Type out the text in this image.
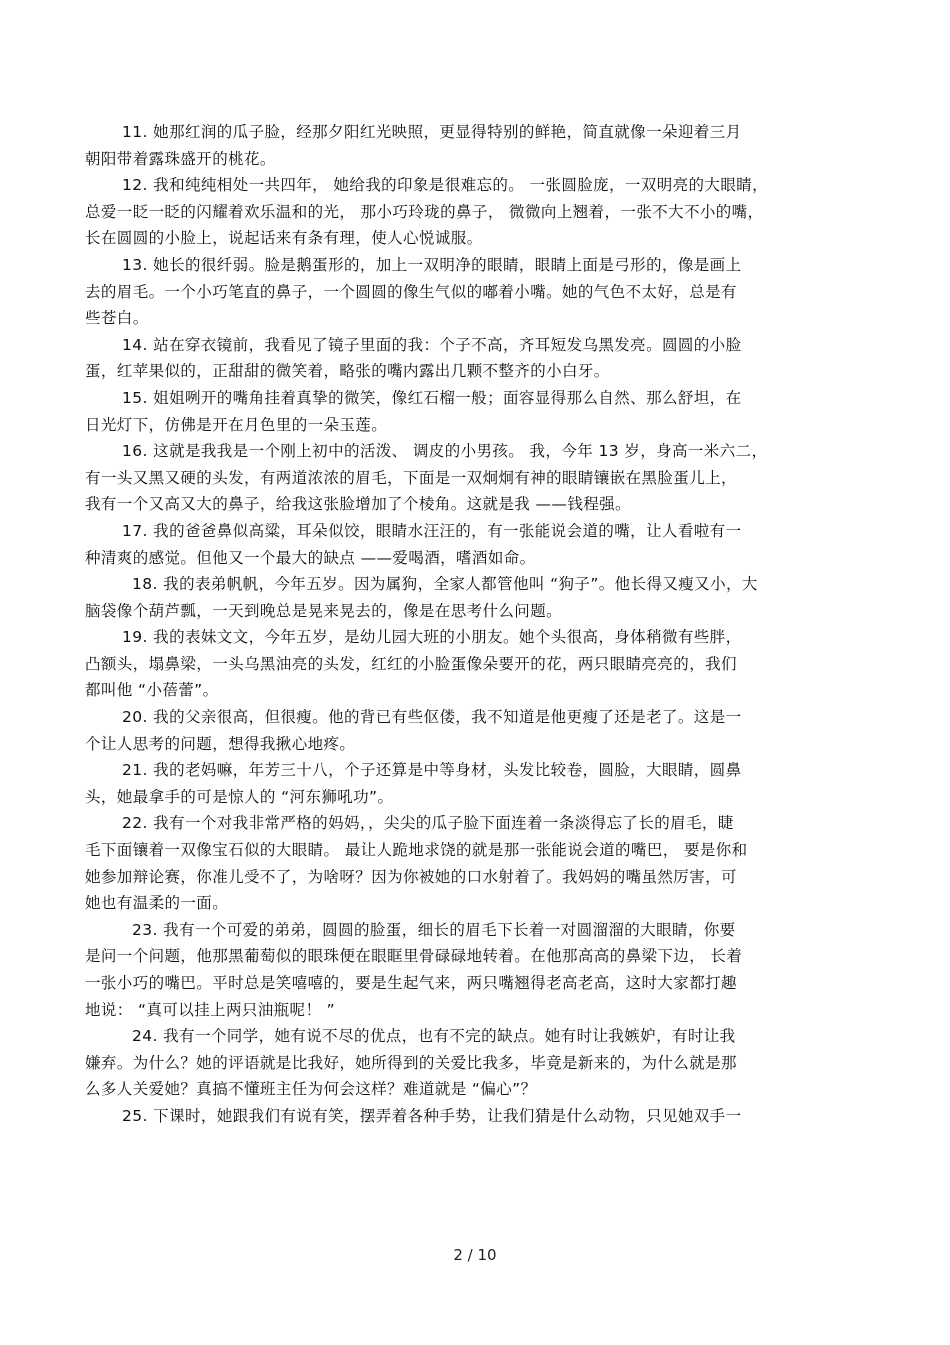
11. 她那红润的瓜子脸，经那夕阳红光映照，更显得特别的鲜艳，简直就像一朵迎着三月
朝阳带着露珠盛开的桃花。
12. 我和纯纯相处一共四年， 她给我的印象是很难忘的。 一张圆脸庞，一双明亮的大眼睛，
总爱一眨一眨的闪耀着欢乐温和的光， 那小巧玲珑的鼻子， 微微向上翘着，一张不大不小的嘴，
长在圆圆的小脸上，说起话来有条有理，使人心悦诚服。
13. 她长的很纤弱。脸是鹅蛋形的，加上一双明净的眼睛，眼睛上面是弓形的，像是画上
去的眉毛。一个小巧笔直的鼻子，一个圆圆的像生气似的嘟着小嘴。她的气色不太好，总是有
些苍白。
14. 站在穿衣镜前，我看见了镜子里面的我：个子不高，齐耳短发乌黑发亮。圆圆的小脸
蛋，红苹果似的，正甜甜的微笑着，略张的嘴内露出几颗不整齐的小白牙。
15. 姐姐咧开的嘴角挂着真挚的微笑，像红石榴一般；面容显得那么自然、那么舒坦，在
日光灯下，仿佛是开在月色里的一朵玉莲。
16. 这就是我我是一个刚上初中的活泼、 调皮的小男孩。 我，今年 13 岁，身高一米六二，
有一头又黑又硬的头发，有两道浓浓的眉毛，下面是一双炯炯有神的眼睛镶嵌在黑脸蛋儿上，
我有一个又高又大的鼻子，给我这张脸增加了个棱角。这就是我 ——钱程强。
17. 我的爸爸鼻似高粱，耳朵似饺，眼睛水汪汪的，有一张能说会道的嘴，让人看啦有一
种清爽的感觉。但他又一个最大的缺点 ——爱喝酒，嗜酒如命。
18. 我的表弟帆帆，今年五岁。因为属狗，全家人都管他叫 “狗子”。他长得又瘦又小，大
脑袋像个葫芦瓢，一天到晚总是晃来晃去的，像是在思考什么问题。
19. 我的表妹文文，今年五岁，是幼儿园大班的小朋友。她个头很高，身体稍微有些胖，
凸额头，塌鼻梁，一头乌黑油亮的头发，红红的小脸蛋像朵要开的花，两只眼睛亮亮的，我们
都叫他 “小蓓蕾”。
20. 我的父亲很高，但很瘦。他的背已有些伛偻，我不知道是他更瘦了还是老了。这是一
个让人思考的问题，想得我揪心地疼。
21. 我的老妈嘛，年芳三十八，个子还算是中等身材，头发比较卷，圆脸，大眼睛，圆鼻
头，她最拿手的可是惊人的 “河东狮吼功”。
22. 我有一个对我非常严格的妈妈，，尖尖的瓜子脸下面连着一条淡得忘了长的眉毛，睫
毛下面镶着一双像宝石似的大眼睛。 最让人跪地求饶的就是那一张能说会道的嘴巴， 要是你和
她参加辩论赛，你准儿受不了，为啥呀？因为你被她的口水射着了。我妈妈的嘴虽然厉害，可
她也有温柔的一面。
23. 我有一个可爱的弟弟，圆圆的脸蛋，细长的眉毛下长着一对圆溜溜的大眼睛，你要
是问一个问题，他那黑葡萄似的眼珠便在眼眶里骨碌碌地转着。在他那高高的鼻梁下边， 长着
一张小巧的嘴巴。平时总是笑嘻嘻的，要是生起气来，两只嘴翘得老高老高，这时大家都打趣
地说： “真可以挂上两只油瓶呢！ ”
24. 我有一个同学，她有说不尽的优点，也有不完的缺点。她有时让我嫉妒，有时让我
嫌弃。为什么？她的评语就是比我好，她所得到的关爱比我多，毕竟是新来的，为什么就是那
么多人关爱她？真搞不懂班主任为何会这样？难道就是 “偏心”？
25. 下课时，她跟我们有说有笑，摆弄着各种手势，让我们猜是什么动物，只见她双手一
2 / 10
